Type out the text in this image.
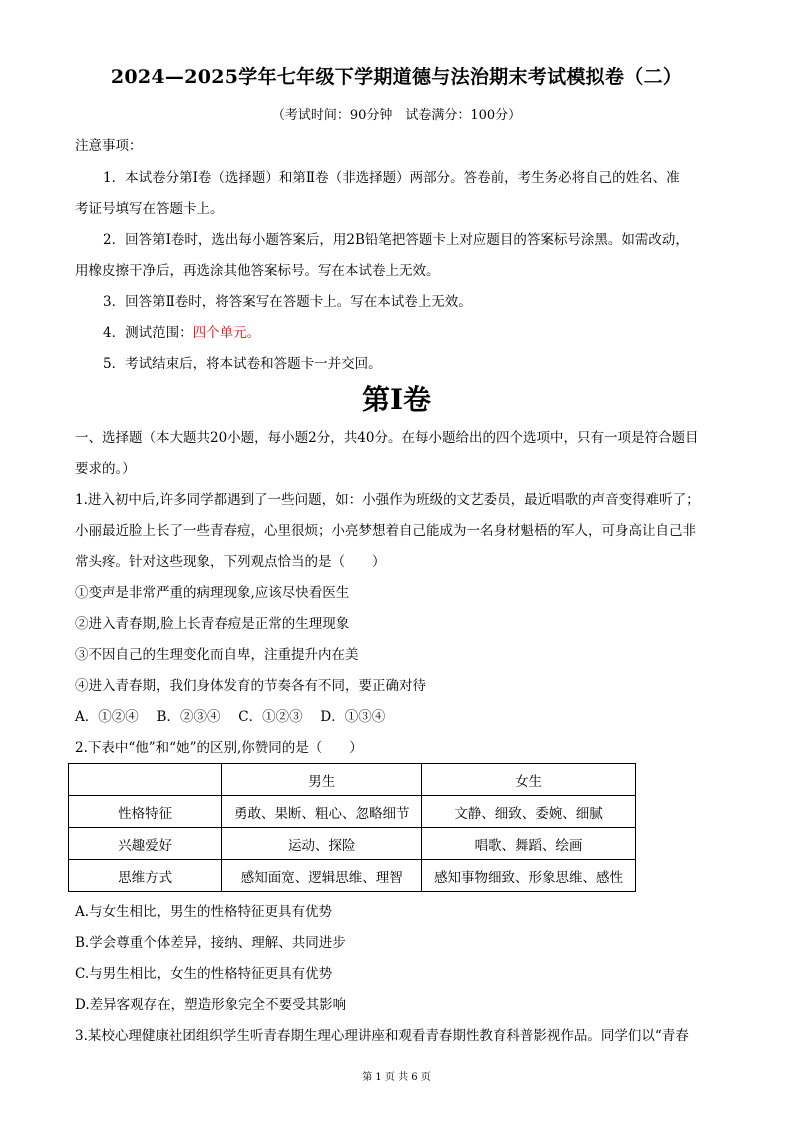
2024—2025学年七年级下学期道德与法治期末考试模拟卷（二）
（考试时间：90分钟　试卷满分：100分）
注意事项：
1．本试卷分第Ⅰ卷（选择题）和第Ⅱ卷（非选择题）两部分。答卷前，考生务必将自己的姓名、准
考证号填写在答题卡上。
2．回答第Ⅰ卷时，选出每小题答案后，用2B铅笔把答题卡上对应题目的答案标号涂黑。如需改动，
用橡皮擦干净后，再选涂其他答案标号。写在本试卷上无效。
3．回答第Ⅱ卷时，将答案写在答题卡上。写在本试卷上无效。
4．测试范围：四个单元。
5．考试结束后，将本试卷和答题卡一并交回。
第Ⅰ卷
一、选择题（本大题共20小题，每小题2分，共40分。在每小题给出的四个选项中，只有一项是符合题目
要求的。）
1.进入初中后,许多同学都遇到了一些问题，如：小强作为班级的文艺委员，最近唱歌的声音变得难听了；
小丽最近脸上长了一些青春痘，心里很烦；小亮梦想着自己能成为一名身材魁梧的军人，可身高让自己非
常头疼。针对这些现象，下列观点恰当的是（　　）
①变声是非常严重的病理现象,应该尽快看医生
②进入青春期,脸上长青春痘是正常的生理现象
③不因自己的生理变化而自卑，注重提升内在美
④进入青春期，我们身体发育的节奏各有不同，要正确对待
A．①②④　 B．②③④　 C．①②③　 D．①③④
2.下表中“他”和“她”的区别,你赞同的是（　　）
	男生	女生
性格特征	勇敢、果断、粗心、忽略细节	文静、细致、委婉、细腻
兴趣爱好	运动、探险	唱歌、舞蹈、绘画
思维方式	感知面宽、逻辑思维、理智	感知事物细致、形象思维、感性
A.与女生相比，男生的性格特征更具有优势
B.学会尊重个体差异，接纳、理解、共同进步
C.与男生相比，女生的性格特征更具有优势
D.差异客观存在，塑造形象完全不要受其影响
3.某校心理健康社团组织学生听青春期生理心理讲座和观看青春期性教育科普影视作品。同学们以“青春
第 1 页 共 6 页
